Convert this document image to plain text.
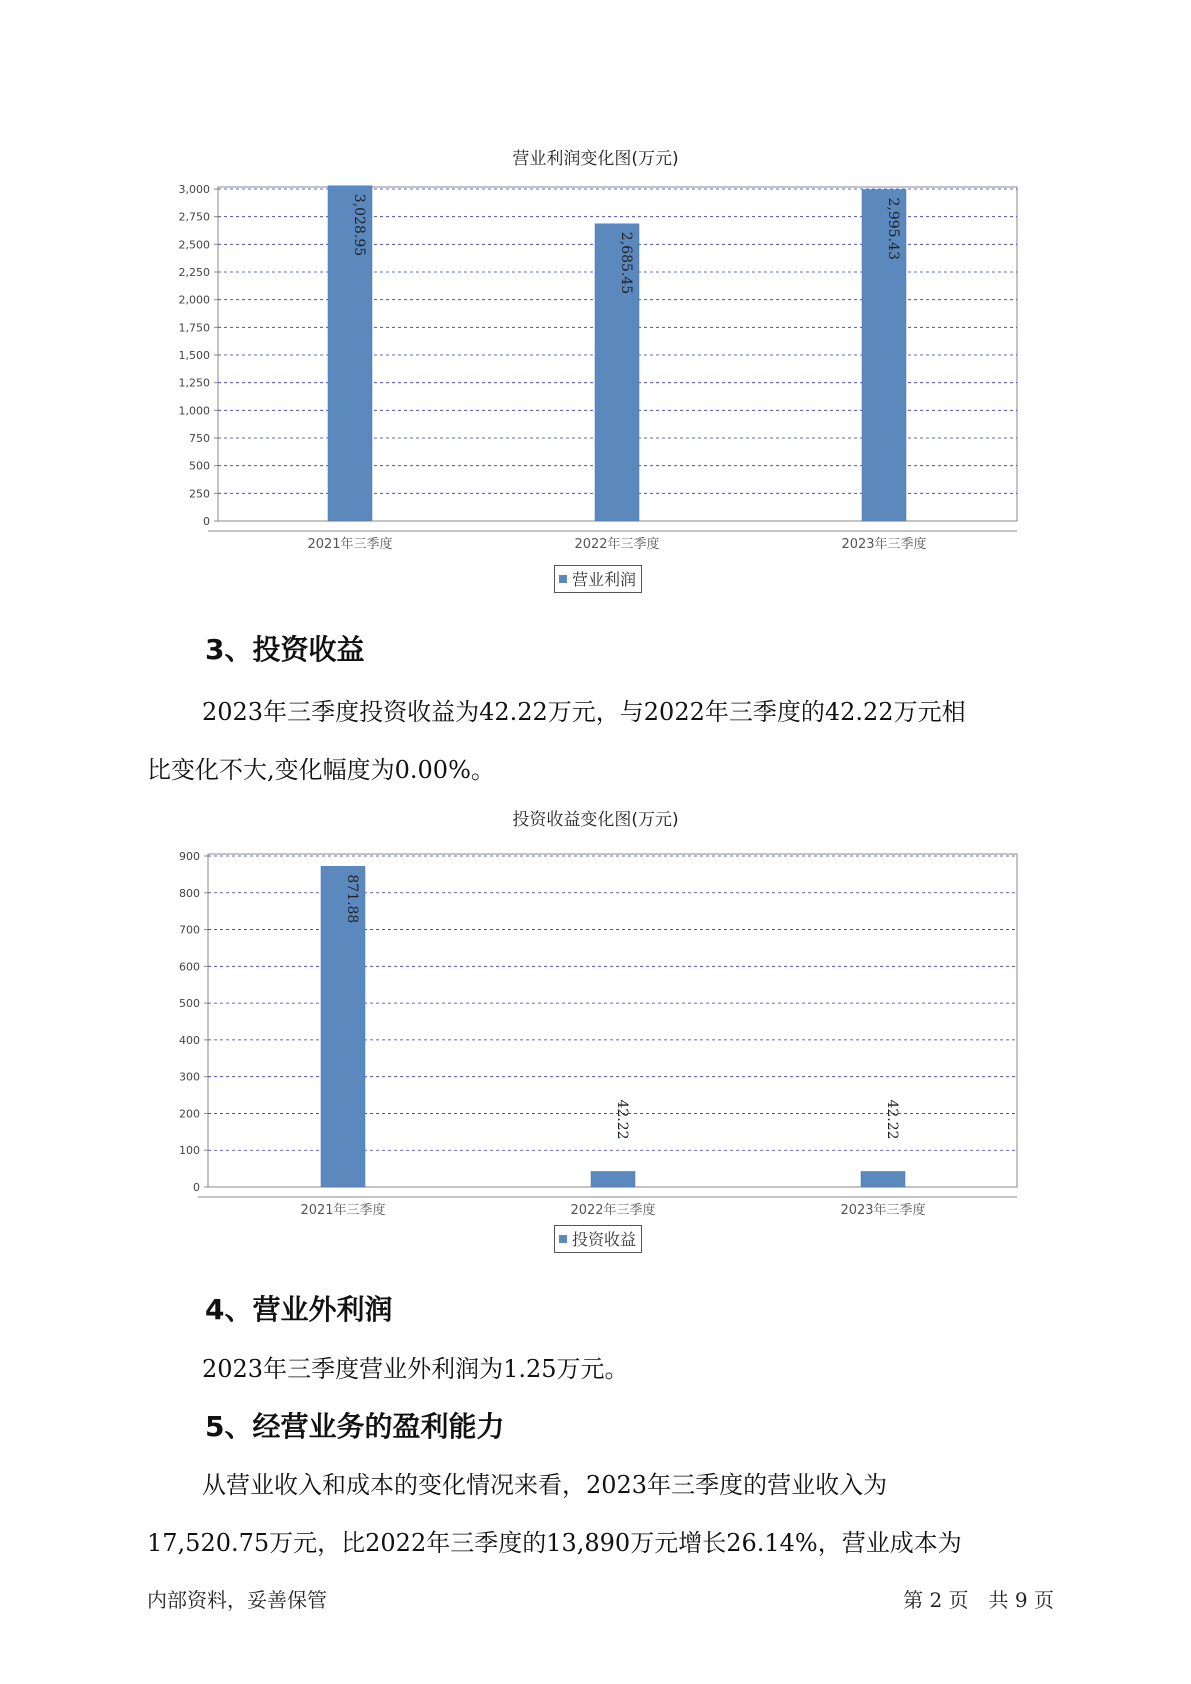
营业利润变化图(万元)
0
250
500
750
1,000
1,250
1,500
1,750
2,000
2,250
2,500
2,750
3,000
3,028.95
2021年三季度
2,685.45
2022年三季度
2,995.43
2023年三季度
营业利润
3、投资收益
2023年三季度投资收益为42.22万元，与2022年三季度的42.22万元相
比变化不大,变化幅度为0.00%。
投资收益变化图(万元)
0
100
200
300
400
500
600
700
800
900
871.88
2021年三季度
42.22
2022年三季度
42.22
2023年三季度
投资收益
4、营业外利润
2023年三季度营业外利润为1.25万元。
5、经营业务的盈利能力
从营业收入和成本的变化情况来看，2023年三季度的营业收入为
17,520.75万元，比2022年三季度的13,890万元增长26.14%，营业成本为
内部资料，妥善保管	第 2 页　共 9 页
